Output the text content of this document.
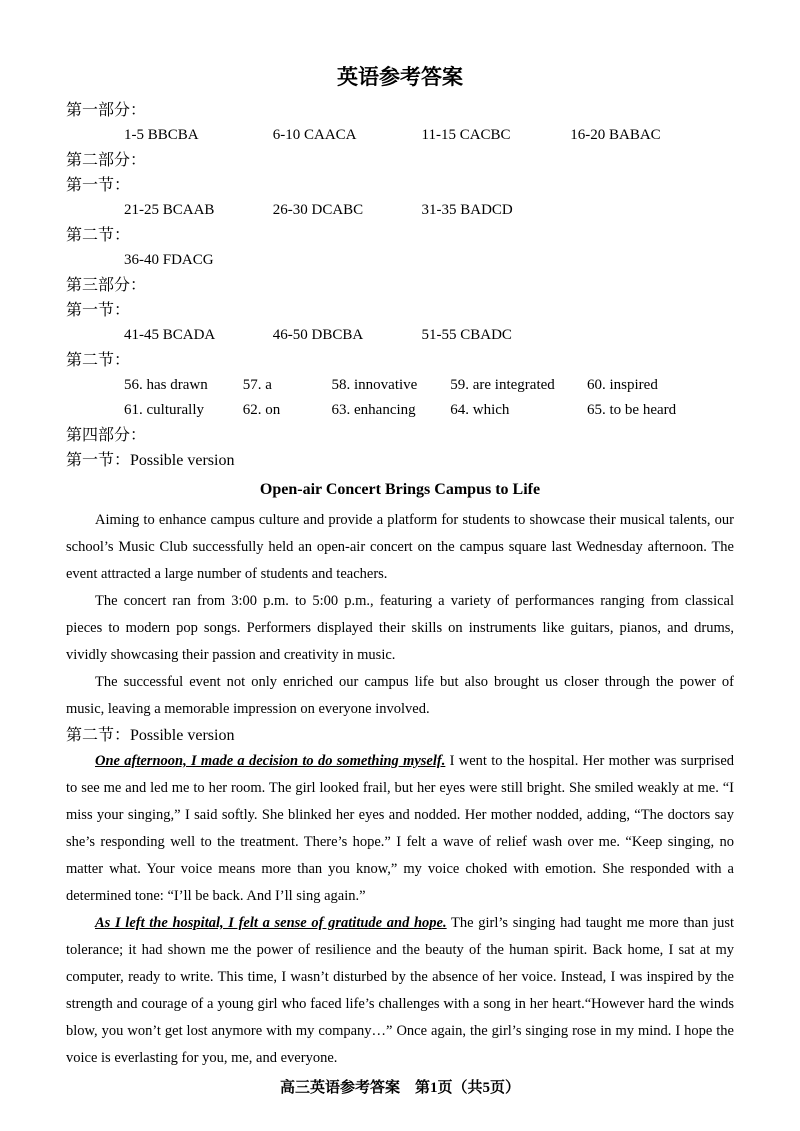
英语参考答案
第一部分：
1-5 BBCBA	6-10 CAACA	11-15 CACBC	16-20 BABAC
第二部分：
第一节：
21-25 BCAAB	26-30 DCABC	31-35 BADCD
第二节：
36-40 FDACG
第三部分：
第一节：
41-45 BCADA	46-50 DBCBA	51-55 CBADC
第二节：
56. has drawn 57. a	58. innovative 59. are integrated 60. inspired
61. culturally	62. on	63. enhancing 64. which	65. to be heard
第四部分：
第一节：Possible version
Open-air Concert Brings Campus to Life

Aiming to enhance campus culture and provide a platform for students to showcase their musical talents, our school’s Music Club successfully held an open-air concert on the campus square last Wednesday afternoon. The event attracted a large number of students and teachers.

The concert ran from 3:00 p.m. to 5:00 p.m., featuring a variety of performances ranging from classical pieces to modern pop songs. Performers displayed their skills on instruments like guitars, pianos, and drums, vividly showcasing their passion and creativity in music.

The successful event not only enriched our campus life but also brought us closer through the power of music, leaving a memorable impression on everyone involved.

第二节：Possible version

One afternoon, I made a decision to do something myself. I went to the hospital. Her mother was surprised to see me and led me to her room. The girl looked frail, but her eyes were still bright. She smiled weakly at me. “I miss your singing,” I said softly. She blinked her eyes and nodded. Her mother nodded, adding, “The doctors say she’s responding well to the treatment. There’s hope.” I felt a wave of relief wash over me. “Keep singing, no matter what. Your voice means more than you know,” my voice choked with emotion. She responded with a determined tone: “I’ll be back. And I’ll sing again.”

As I left the hospital, I felt a sense of gratitude and hope. The girl’s singing had taught me more than just tolerance; it had shown me the power of resilience and the beauty of the human spirit. Back home, I sat at my computer, ready to write. This time, I wasn’t disturbed by the absence of her voice. Instead, I was inspired by the strength and courage of a young girl who faced life’s challenges with a song in her heart.“However hard the winds blow, you won’t get lost anymore with my company…” Once again, the girl’s singing rose in my mind. I hope the voice is everlasting for you, me, and everyone.

高三英语参考答案　第1页（共5页）
